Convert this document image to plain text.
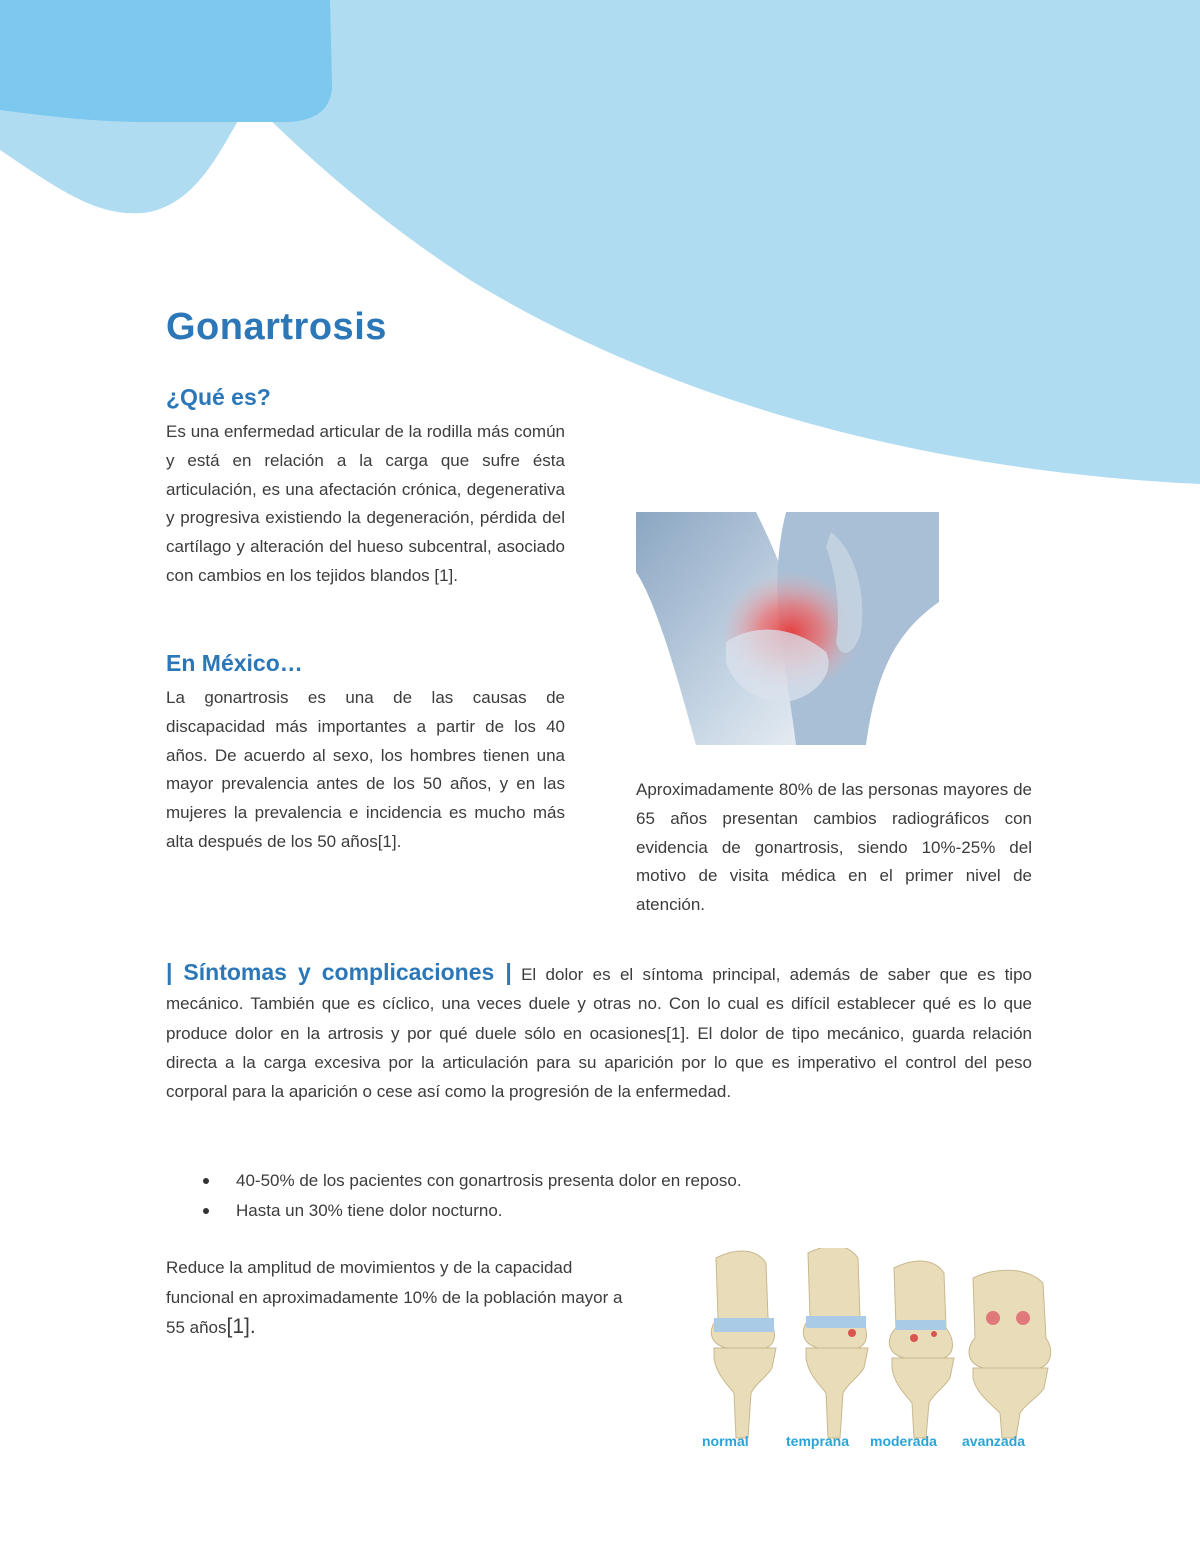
Gonartrosis
¿Qué es?

Es una enfermedad articular de la rodilla más común y está en relación a la carga que sufre ésta articulación, es una afectación crónica, degenerativa y progresiva existiendo la degeneración, pérdida del cartílago y alteración del hueso subcentral, asociado con cambios en los tejidos blandos [1].

En México…

La gonartrosis es una de las causas de discapacidad más importantes a partir de los 40 años. De acuerdo al sexo, los hombres tienen una mayor prevalencia antes de los 50 años, y en las mujeres la prevalencia e incidencia es mucho más alta después de los 50 años[1].

Aproximadamente 80% de las personas mayores de 65 años presentan cambios radiográficos con evidencia de gonartrosis, siendo 10%-25% del motivo de visita médica en el primer nivel de atención.

| Síntomas y complicaciones | El dolor es el síntoma principal, además de saber que es tipo mecánico. También que es cíclico, una veces duele y otras no. Con lo cual es difícil establecer qué es lo que produce dolor en la artrosis y por qué duele sólo en ocasiones[1]. El dolor de tipo mecánico, guarda relación directa a la carga excesiva por la articulación para su aparición por lo que es imperativo el control del peso corporal para la aparición o cese así como la progresión de la enfermedad.

40-50% de los pacientes con gonartrosis presenta dolor en reposo.
Hasta un 30% tiene dolor nocturno.

Reduce la amplitud de movimientos y de la capacidad funcional en aproximadamente 10% de la población mayor a 55 años[1].

normal	temprana moderada avanzada
